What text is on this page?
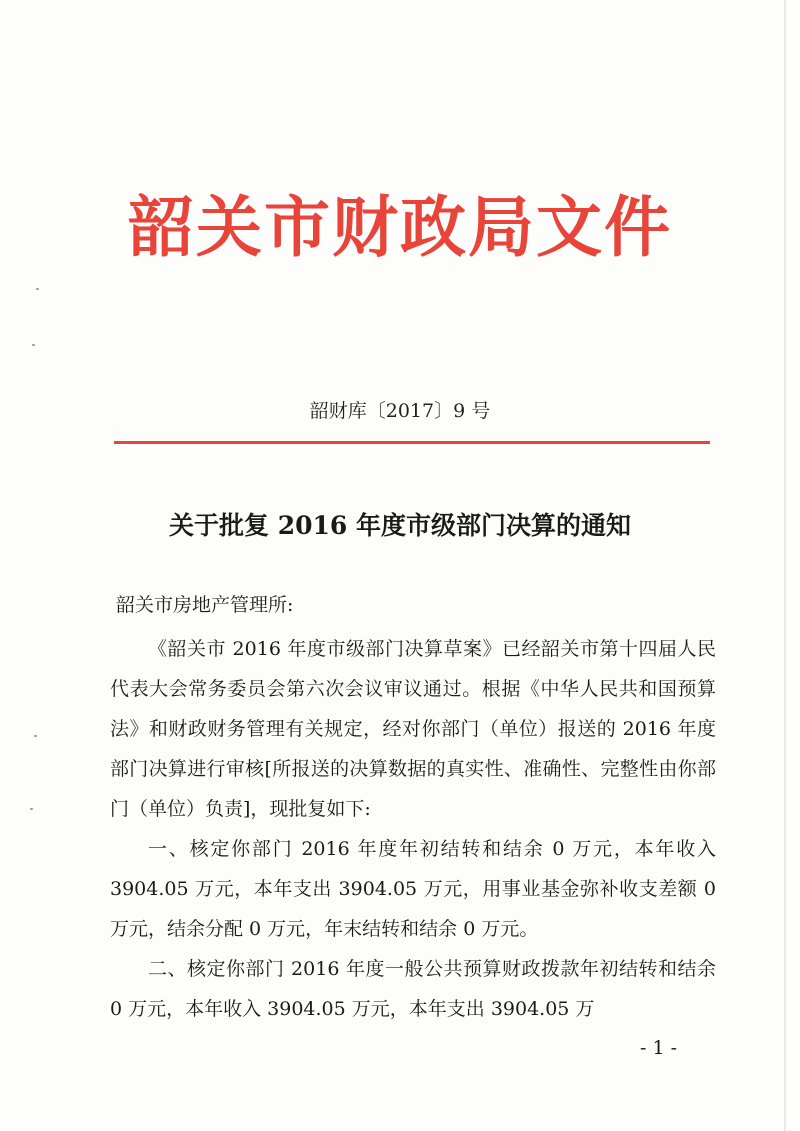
韶关市财政局文件
韶财库〔2017〕9 号
关于批复 2016 年度市级部门决算的通知
韶关市房地产管理所:

《韶关市 2016 年度市级部门决算草案》已经韶关市第十四届人民代表大会常务委员会第六次会议审议通过。根据《中华人民共和国预算法》和财政财务管理有关规定，经对你部门（单位）报送的 2016 年度部门决算进行审核[所报送的决算数据的真实性、准确性、完整性由你部门（单位）负责]，现批复如下:

一、核定你部门 2016 年度年初结转和结余 0 万元，本年收入 3904.05 万元，本年支出 3904.05 万元，用事业基金弥补收支差额 0 万元，结余分配 0 万元，年末结转和结余 0 万元。

二、核定你部门 2016 年度一般公共预算财政拨款年初结转和结余 0 万元，本年收入 3904.05 万元，本年支出 3904.05 万

- 1 -
